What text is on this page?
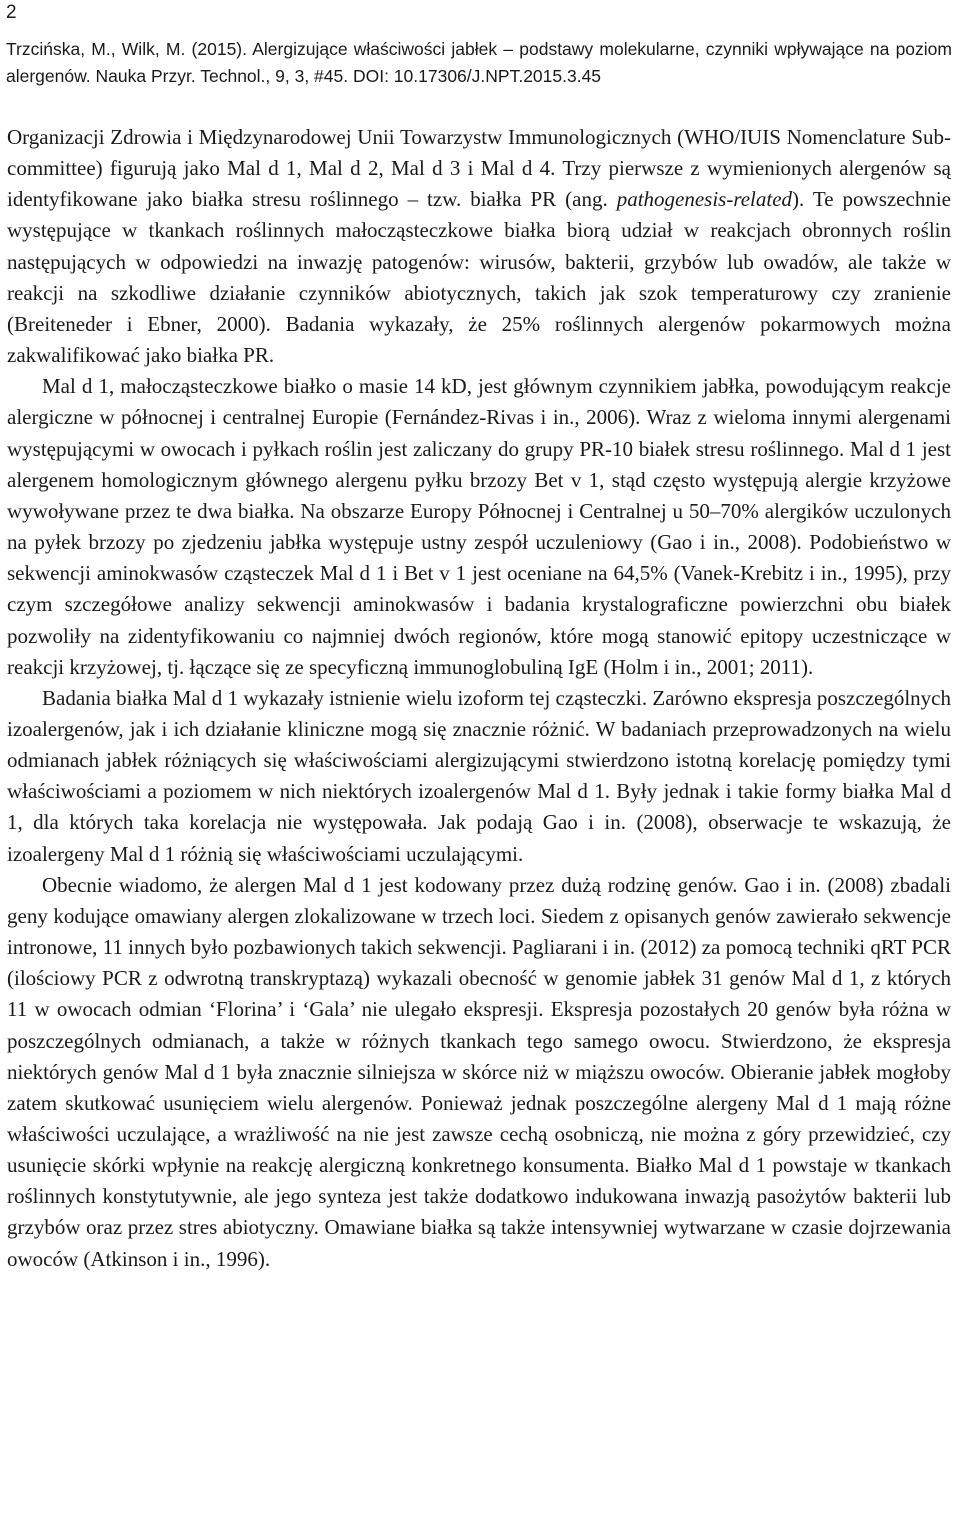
2
Trzcińska, M., Wilk, M. (2015). Alergizujące właściwości jabłek – podstawy molekularne, czynniki wpływające na poziom alergenów. Nauka Przyr. Technol., 9, 3, #45. DOI: 10.17306/J.NPT.2015.3.45

Organizacji Zdrowia i Międzynarodowej Unii Towarzystw Immunologicznych (WHO/IUIS Nomenclature Sub-committee) figurują jako Mal d 1, Mal d 2, Mal d 3 i Mal d 4. Trzy pierwsze z wymienionych alergenów są identyfikowane jako białka stresu roślinnego – tzw. białka PR (ang. pathogenesis-related). Te powszechnie występujące w tkankach roślinnych małocząsteczkowe białka biorą udział w reakcjach obronnych roślin następujących w odpowiedzi na inwazję patogenów: wirusów, bakterii, grzybów lub owadów, ale także w reakcji na szkodliwe działanie czynników abiotycznych, takich jak szok temperaturowy czy zranienie (Breiteneder i Ebner, 2000). Badania wykazały, że 25% roślinnych alergenów pokarmowych można zakwalifikować jako białka PR.

Mal d 1, małocząsteczkowe białko o masie 14 kD, jest głównym czynnikiem jabłka, powodującym reakcje alergiczne w północnej i centralnej Europie (Fernández-Rivas i in., 2006). Wraz z wieloma innymi alergenami występującymi w owocach i pyłkach roślin jest zaliczany do grupy PR-10 białek stresu roślinnego. Mal d 1 jest alergenem homologicznym głównego alergenu pyłku brzozy Bet v 1, stąd często występują alergie krzyżowe wywoływane przez te dwa białka. Na obszarze Europy Północnej i Centralnej u 50–70% alergików uczulonych na pyłek brzozy po zjedzeniu jabłka występuje ustny zespół uczuleniowy (Gao i in., 2008). Podobieństwo w sekwencji aminokwasów cząsteczek Mal d 1 i Bet v 1 jest oceniane na 64,5% (Vanek-Krebitz i in., 1995), przy czym szczegółowe analizy sekwencji aminokwasów i badania krystalograficzne powierzchni obu białek pozwoliły na zidentyfikowaniu co najmniej dwóch regionów, które mogą stanowić epitopy uczestniczące w reakcji krzyżowej, tj. łączące się ze specyficzną immunoglobuliną IgE (Holm i in., 2001; 2011).

Badania białka Mal d 1 wykazały istnienie wielu izoform tej cząsteczki. Zarówno ekspresja poszczególnych izoalergenów, jak i ich działanie kliniczne mogą się znacznie różnić. W badaniach przeprowadzonych na wielu odmianach jabłek różniących się właściwościami alergizującymi stwierdzono istotną korelację pomiędzy tymi właściwościami a poziomem w nich niektórych izoalergenów Mal d 1. Były jednak i takie formy białka Mal d 1, dla których taka korelacja nie występowała. Jak podają Gao i in. (2008), obserwacje te wskazują, że izoalergeny Mal d 1 różnią się właściwościami uczulającymi.

Obecnie wiadomo, że alergen Mal d 1 jest kodowany przez dużą rodzinę genów. Gao i in. (2008) zbadali geny kodujące omawiany alergen zlokalizowane w trzech loci. Siedem z opisanych genów zawierało sekwencje intronowe, 11 innych było pozbawionych takich sekwencji. Pagliarani i in. (2012) za pomocą techniki qRT PCR (ilościowy PCR z odwrotną transkryptazą) wykazali obecność w genomie jabłek 31 genów Mal d 1, z których 11 w owocach odmian ‘Florina’ i ‘Gala’ nie ulegało ekspresji. Ekspresja pozostałych 20 genów była różna w poszczególnych odmianach, a także w różnych tkankach tego samego owocu. Stwierdzono, że ekspresja niektórych genów Mal d 1 była znacznie silniejsza w skórce niż w miąższu owoców. Obieranie jabłek mogłoby zatem skutkować usunięciem wielu alergenów. Ponieważ jednak poszczególne alergeny Mal d 1 mają różne właściwości uczulające, a wrażliwość na nie jest zawsze cechą osobniczą, nie można z góry przewidzieć, czy usunięcie skórki wpłynie na reakcję alergiczną konkretnego konsumenta. Białko Mal d 1 powstaje w tkankach roślinnych konstytutywnie, ale jego synteza jest także dodatkowo indukowana inwazją pasożytów bakterii lub grzybów oraz przez stres abiotyczny. Omawiane białka są także intensywniej wytwarzane w czasie dojrzewania owoców (Atkinson i in., 1996).
